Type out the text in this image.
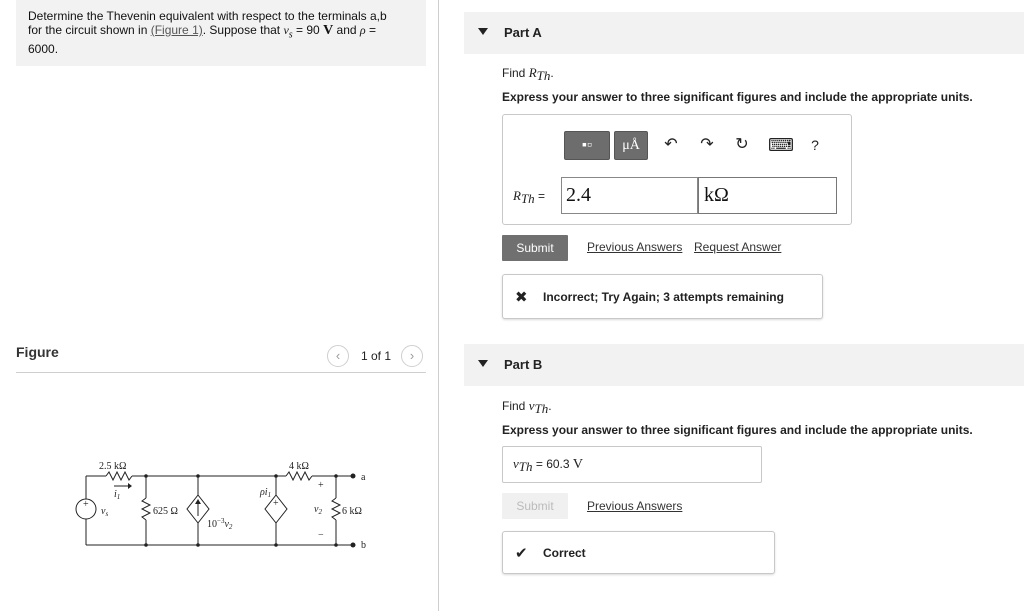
Determine the Thevenin equivalent with respect to the terminals a,b
for the circuit shown in (Figure 1). Suppose that $v_s = 90$ V and ρ =
6000.
Figure	‹	1 of 1	›
2.5 kΩ	4 kΩ
$i_1$
+
$v_s$	625 Ω
$10^{-3}v_2$
$\rho i_1$
+
+
$v_2$
−
6 kΩ
a
b
Part A
Find $R_{Th}$.
Express your answer to three significant figures and include the appropriate units.
▪▫	μÅ	↶ ↷ ↻ ⌨	?
$R_{Th} = 2.4$	kΩ
Submit	Previous Answers Request Answer
✖ Incorrect; Try Again; 3 attempts remaining
Part B
Find $v_{Th}$.
Express your answer to three significant figures and include the appropriate units.
$v_{Th} = 60.3$ V
Submit	Previous Answers
✔ Correct
